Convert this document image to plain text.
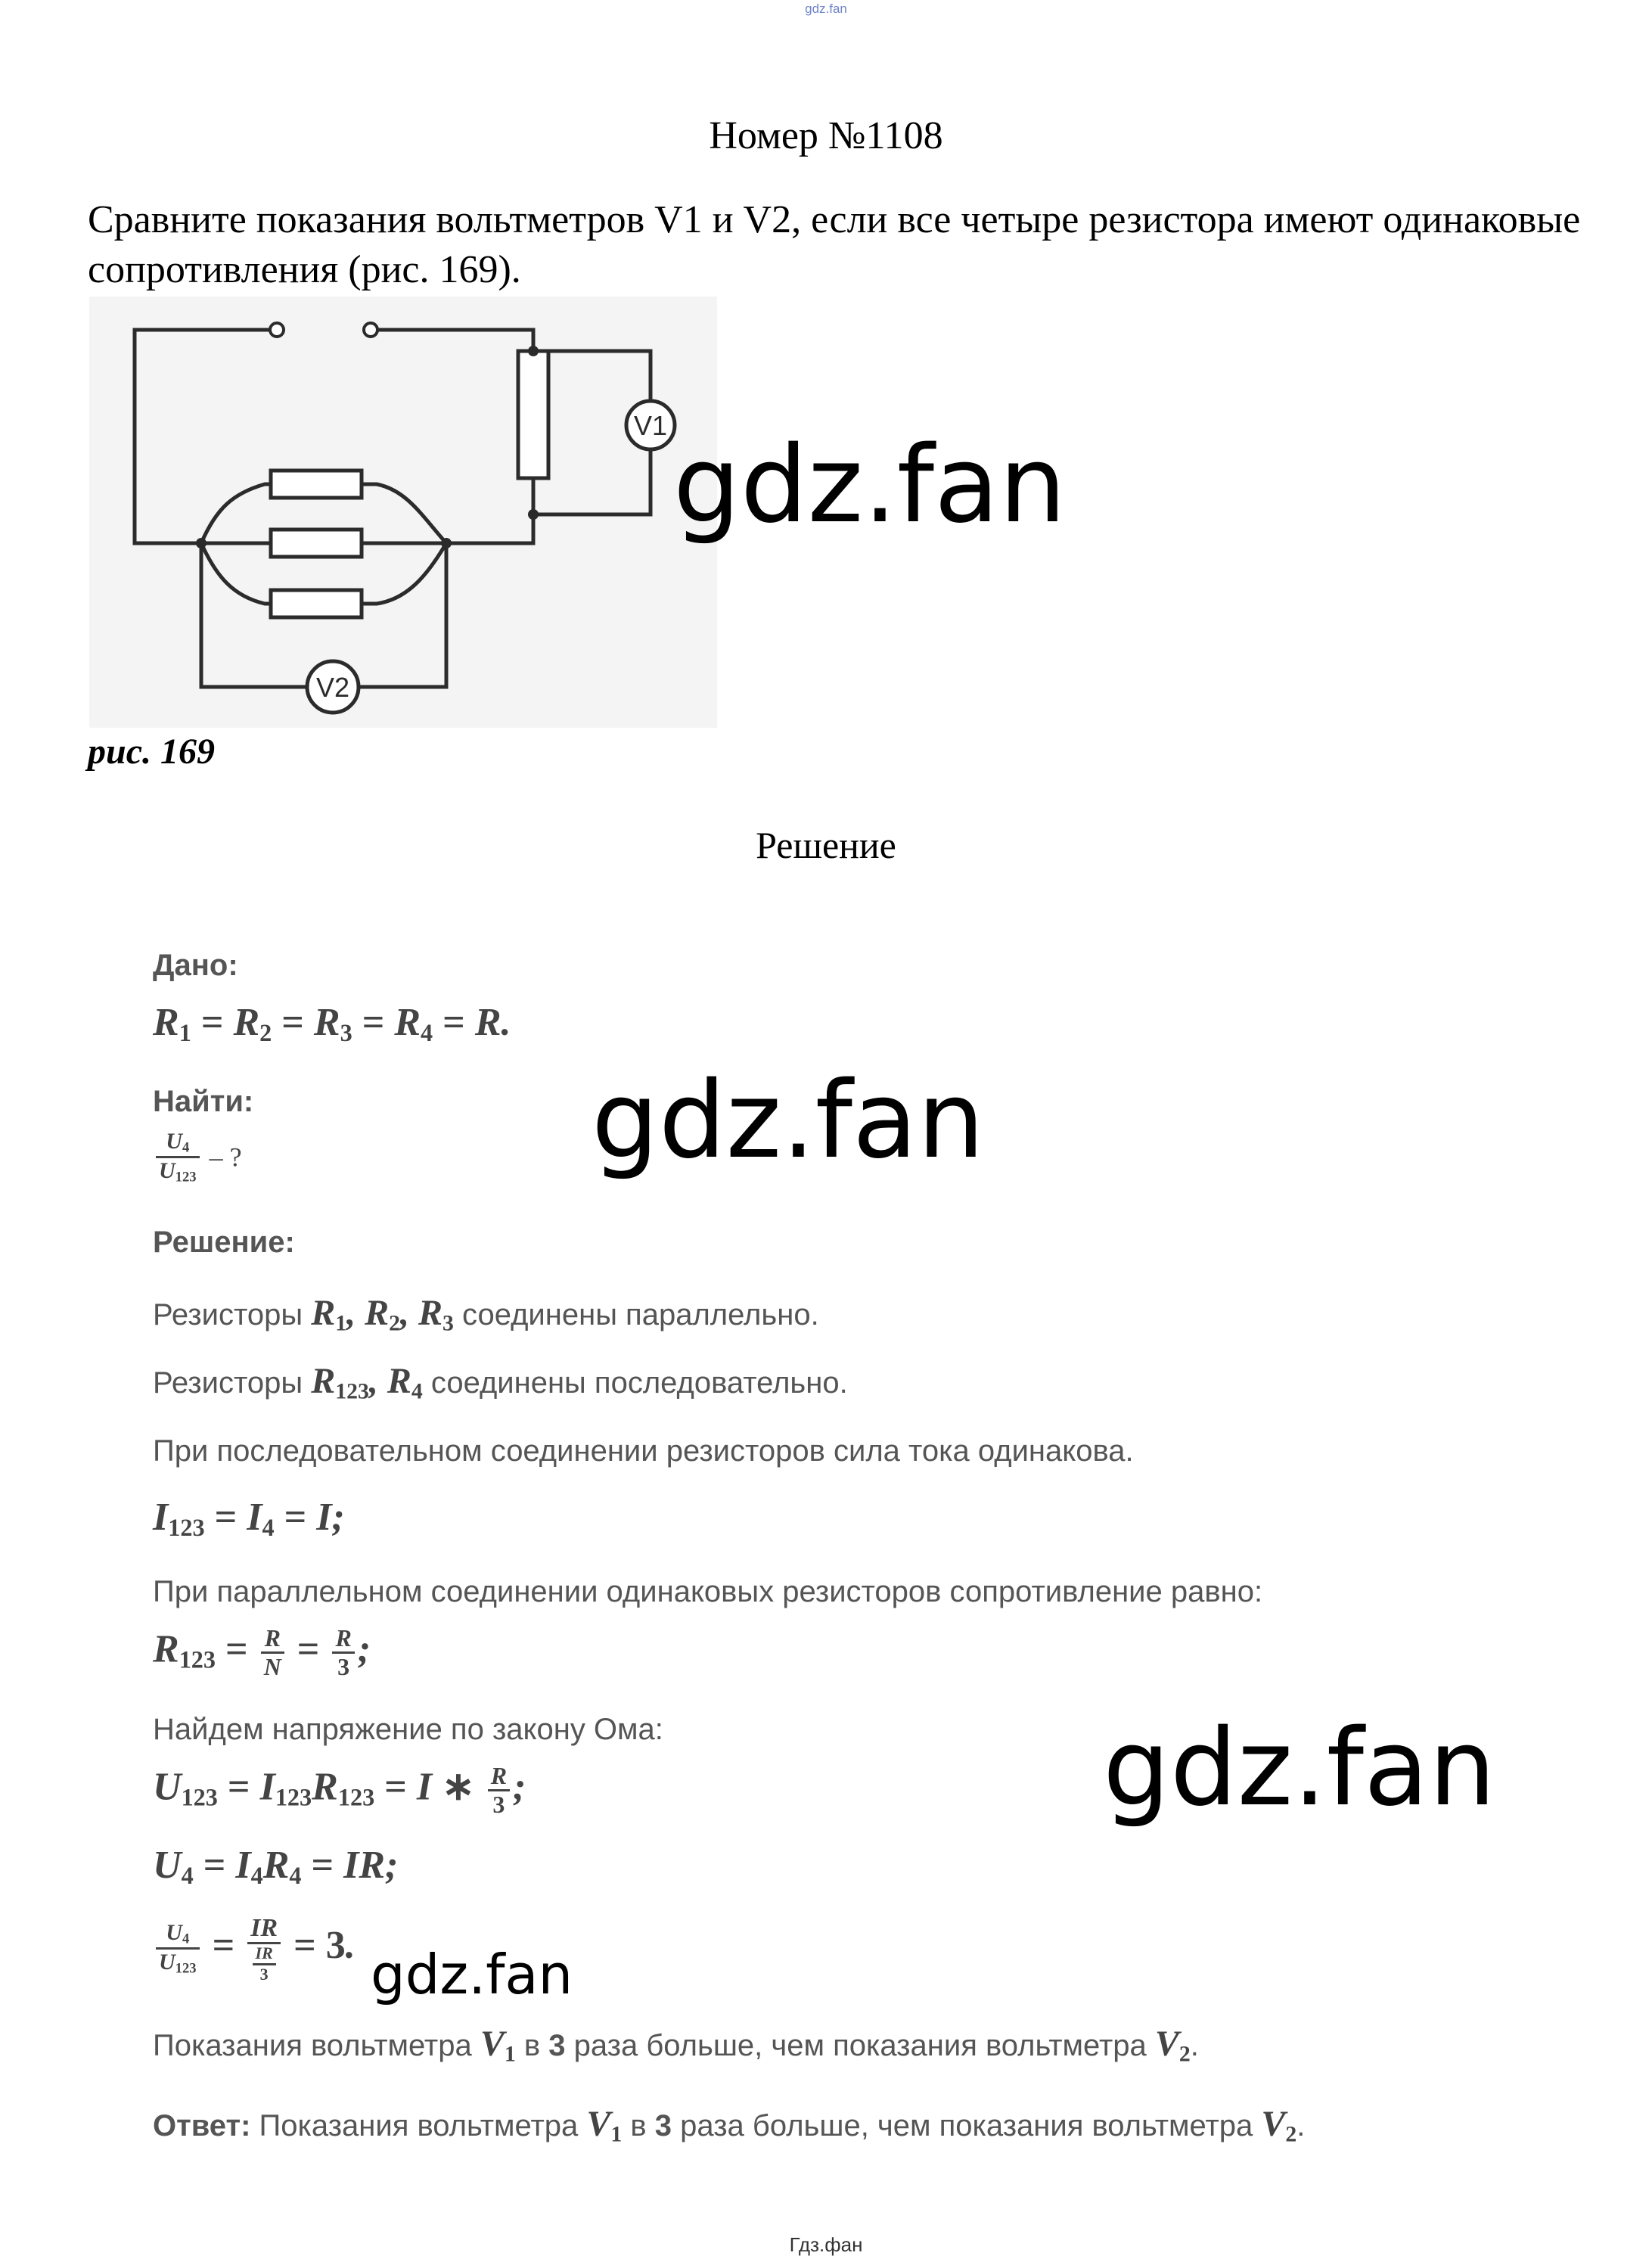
gdz.fan
Номер №1108
Сравните показания вольтметров V1 и V2, если все четыре резистора имеют одинаковые сопротивления (рис. 169).
V1
V2
рис. 169
Решение
Дано:
$R_1 = R_2 = R_3 = R_4 = R$.
Найти:
$\frac{U_4}{U_{123}}$ – ?
Решение:
Резисторы $R_1$, $R_2$, $R_3$ соединены параллельно.
Резисторы $R_{123}$, $R_4$ соединены последовательно.
При последовательном соединении резисторов сила тока одинакова.
$I_{123} = I_4 = I$;
При параллельном соединении одинаковых резисторов сопротивление равно:
$R_{123} = \frac{R}{N} = \frac{R}{3}$ ;
Найдем напряжение по закону Ома:
$U_{123} = I_{123}R_{123} = I$ ∗ $\frac{R}{3}$ ;
$U_4 = I_4R_4$ = IR;
$\frac{U_4}{U_{123}} = \frac{IR}{\frac{IR}{3}} = 3$.
Показания вольтметра $V_1$ в 3 раза больше, чем показания вольтметра $V_2$.
Ответ: Показания вольтметра $V_1$ в 3 раза больше, чем показания вольтметра $V_2$.
gdz.fan
gdz.fan
gdz.fan
gdz.fan
Гдз.фан
